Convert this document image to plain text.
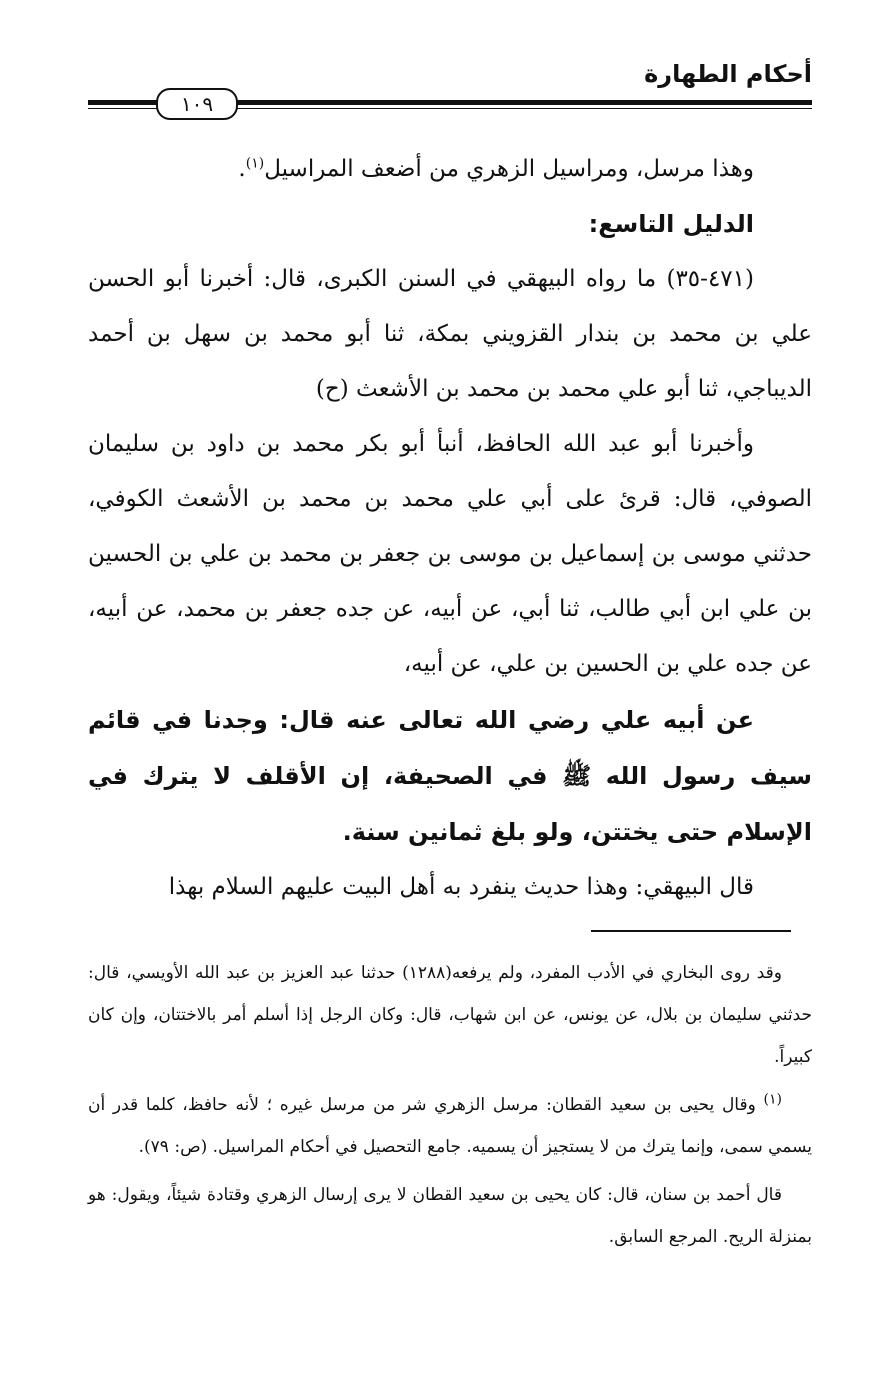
أحكام الطهارة
١٠٩

وهذا مرسل، ومراسيل الزهري من أضعف المراسيل$^{(١)}$.

الدليل التاسع:

(٤٧١-٣٥) ما رواه البيهقي في السنن الكبرى، قال: أخبرنا أبو الحسن علي بن محمد بن بندار القزويني بمكة، ثنا أبو محمد بن سهل بن أحمد الديباجي، ثنا أبو علي محمد بن محمد بن الأشعث (ح)

وأخبرنا أبو عبد الله الحافظ، أنبأ أبو بكر محمد بن داود بن سليمان الصوفي، قال: قرئ على أبي علي محمد بن محمد بن الأشعث الكوفي، حدثني موسى بن إسماعيل بن موسى بن جعفر بن محمد بن علي بن الحسين بن علي ابن أبي طالب، ثنا أبي، عن أبيه، عن جده جعفر بن محمد، عن أبيه، عن جده علي بن الحسين بن علي، عن أبيه،

عن أبيه علي رضي الله تعالى عنه قال: وجدنا في قائم سيف رسول الله ﷺ في الصحيفة، إن الأقلف لا يترك في الإسلام حتى يختتن، ولو بلغ ثمانين سنة.

قال البيهقي: وهذا حديث ينفرد به أهل البيت عليهم السلام بهذا

وقد روى البخاري في الأدب المفرد، ولم يرفعه(١٢٨٨) حدثنا عبد العزيز بن عبد الله الأويسي، قال: حدثني سليمان بن بلال، عن يونس، عن ابن شهاب، قال: وكان الرجل إذا أسلم أمر بالاختتان، وإن كان كبيراً.

$^{(١)}$ وقال يحيى بن سعيد القطان: مرسل الزهري شر من مرسل غيره ؛ لأنه حافظ، كلما قدر أن يسمي سمى، وإنما يترك من لا يستجيز أن يسميه. جامع التحصيل في أحكام المراسيل. (ص: ٧٩).

قال أحمد بن سنان، قال: كان يحيى بن سعيد القطان لا يرى إرسال الزهري وقتادة شيئاً، ويقول: هو بمنزلة الريح. المرجع السابق.
